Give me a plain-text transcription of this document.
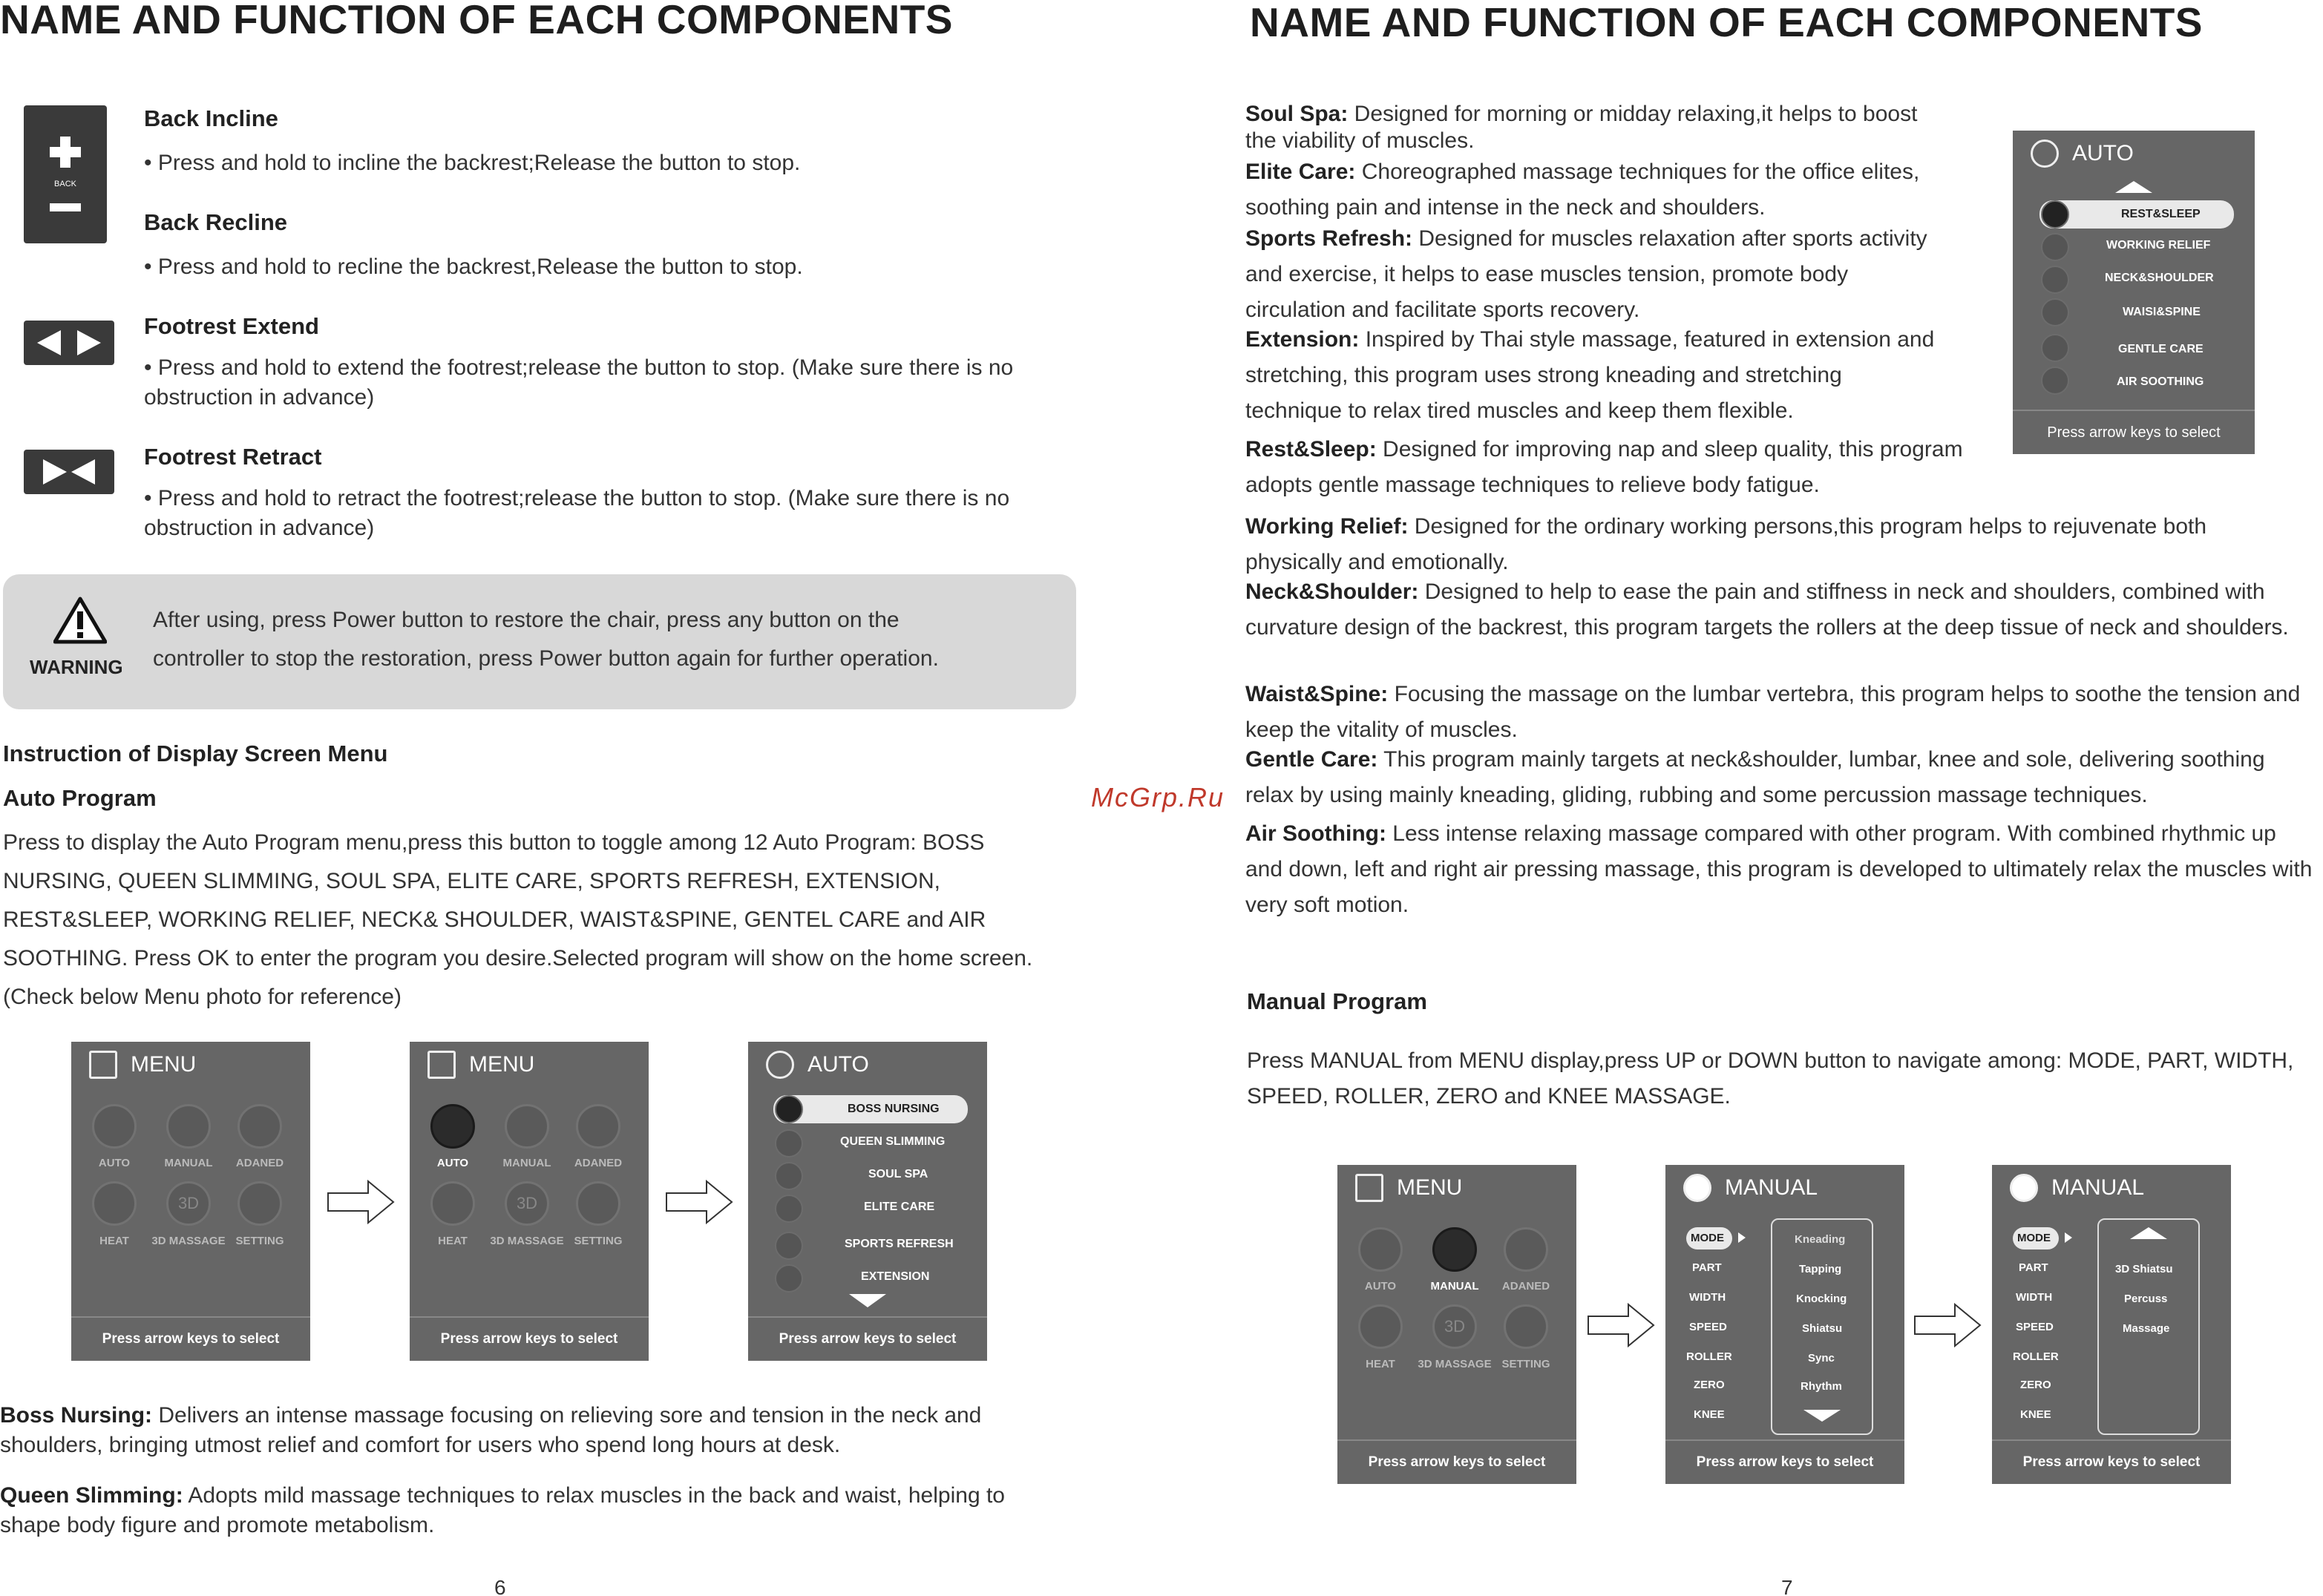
NAME AND FUNCTION OF EACH COMPONENTS
BACK
Back Incline
• Press and hold to incline the backrest;Release the button to stop.
Back Recline
• Press and hold to recline the backrest,Release the button to stop.
Footrest Extend
• Press and hold to extend the footrest;release the button to stop. (Make sure there is no obstruction in advance)
Footrest Retract
• Press and hold to retract the footrest;release the button to stop. (Make sure there is no obstruction in advance)
WARNING
After using, press Power button to restore the chair, press any button on the
controller to stop the restoration, press Power button again for further operation.
Instruction of Display Screen Menu
Auto Program
Press to display the Auto Program menu,press this button to toggle among 12 Auto Program: BOSS NURSING, QUEEN SLIMMING, SOUL SPA, ELITE CARE, SPORTS REFRESH, EXTENSION, REST&SLEEP, WORKING RELIEF, NECK& SHOULDER, WAIST&SPINE, GENTEL CARE and AIR SOOTHING. Press OK to enter the program you desire.Selected program will show on the home screen. (Check below Menu photo for reference)
MENU
AUTO	MANUAL	ADANED
3D
HEAT	3D MASSAGE SETTING
Press arrow keys to select
MENU
AUTO	MANUAL	ADANED
3D
HEAT	3D MASSAGE SETTING
Press arrow keys to select
AUTO
BOSS NURSING
QUEEN SLIMMING
SOUL SPA
ELITE CARE
SPORTS REFRESH
EXTENSION
Press arrow keys to select
Boss Nursing: Delivers an intense massage focusing on relieving sore and tension in the neck and shoulders, bringing utmost relief and comfort for users who spend long hours at desk.
Queen Slimming: Adopts mild massage techniques to relax muscles in the back and waist, helping to shape body figure and promote metabolism.
6
McGrp.Ru
NAME AND FUNCTION OF EACH COMPONENTS
Soul Spa: Designed for morning or midday relaxing,it helps to boost the viability of muscles.
Elite Care: Choreographed massage techniques for the office elites, soothing pain and intense in the neck and shoulders.
Sports Refresh: Designed for muscles relaxation after sports activity and exercise, it helps to ease muscles tension, promote body circulation and facilitate sports recovery.
Extension: Inspired by Thai style massage, featured in extension and stretching, this program uses strong kneading and stretching technique to relax tired muscles and keep them flexible.
Rest&Sleep: Designed for improving nap and sleep quality, this program adopts gentle massage techniques to relieve body fatigue.
Working Relief: Designed for the ordinary working persons,this program helps to rejuvenate both physically and emotionally.
Neck&Shoulder: Designed to help to ease the pain and stiffness in neck and shoulders, combined with curvature design of the backrest, this program targets the rollers at the deep tissue of neck and shoulders.
Waist&Spine: Focusing the massage on the lumbar vertebra, this program helps to soothe the tension and keep the vitality of muscles.
Gentle Care: This program mainly targets at neck&shoulder, lumbar, knee and sole, delivering soothing relax by using mainly kneading, gliding, rubbing and some percussion massage techniques.
Air Soothing: Less intense relaxing massage compared with other program. With combined rhythmic up and down, left and right air pressing massage, this program is developed to ultimately relax the muscles with very soft motion.
AUTO
REST&SLEEP
WORKING RELIEF
NECK&SHOULDER
WAISI&SPINE
GENTLE CARE
AIR SOOTHING
Press arrow keys to select
Manual Program
Press MANUAL from MENU display,press UP or DOWN button to navigate among: MODE, PART, WIDTH, SPEED, ROLLER, ZERO and KNEE MASSAGE.
MENU
AUTO	MANUAL	ADANED
3D
HEAT	3D MASSAGE SETTING
Press arrow keys to select
MANUAL
MODE
PART
WIDTH
SPEED
ROLLER
ZERO
KNEE
Kneading
Tapping
Knocking
Shiatsu
Sync
Rhythm
Press arrow keys to select
MANUAL
MODE
PART
WIDTH
SPEED
ROLLER
ZERO
KNEE
3D Shiatsu
Percuss
Massage
Press arrow keys to select
7
